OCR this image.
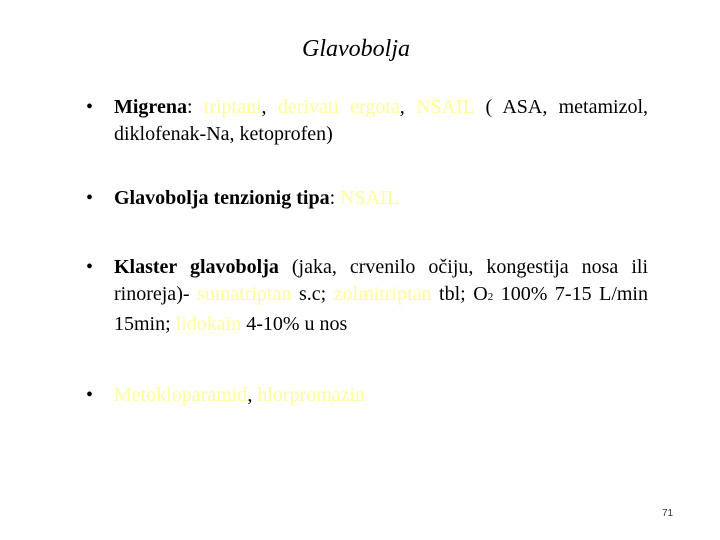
Glavobolja
•	Migrena: triptani, derivati ergota, NSAIL ( ASA, metamizol, diklofenak-Na, ketoprofen)
•	Glavobolja tenzionig tipa: NSAIL
•	Klaster glavobolja (jaka, crvenilo očiju, kongestija nosa ili rinoreja)- sumatriptan s.c; zolmitriptan tbl; O2 100% 7-15 L/min 15min; lidokain 4-10% u nos
•	Metokloparamid, hlorpromazin
71
